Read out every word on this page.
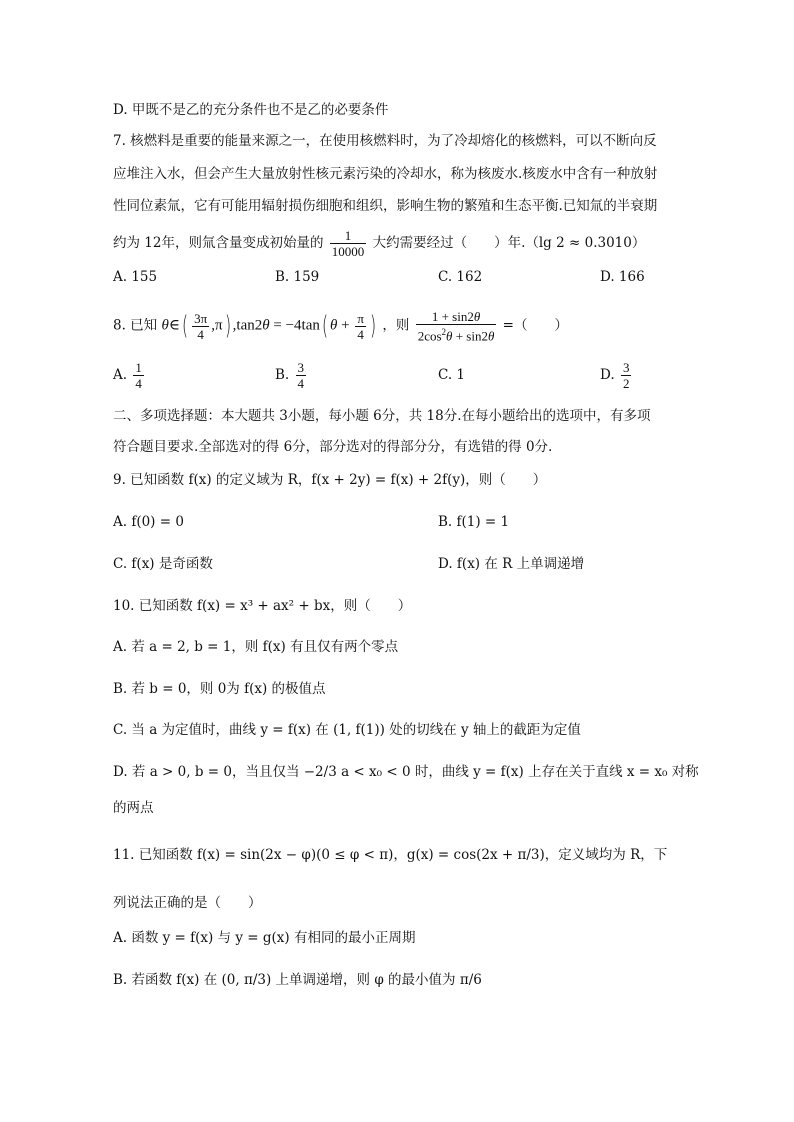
D. 甲既不是乙的充分条件也不是乙的必要条件
7. 核燃料是重要的能量来源之一，在使用核燃料时，为了冷却熔化的核燃料，可以不断向反
应堆注入水，但会产生大量放射性核元素污染的冷却水，称为核废水.核废水中含有一种放射
性同位素氚，它有可能用辐射损伤细胞和组织，影响生物的繁殖和生态平衡.已知氚的半衰期
约为 12年，则氚含量变成初始量的 $\frac{1}{10000}$ 大约需要经过（　　）年.（lg 2 ≈ 0.3010）
A. 155	B. 159	C. 162	D. 166
8. 已知 θ∈( $\frac{3\pi}{4} ,\pi$) ,tan2θ = −4tan( $\theta + \frac{\pi}{4}$ ) ，则 $\frac{1 + \sin 2\theta}{2\cos^2\theta + \sin 2\theta}$ =（　　）
A. $\frac{1}{4}$	B. $\frac{3}{4}$	C. 1	D. $\frac{3}{2}$
二、多项选择题：本大题共 3小题，每小题 6分，共 18分.在每小题给出的选项中，有多项
符合题目要求.全部选对的得 6分，部分选对的得部分分，有选错的得 0分.
9. 已知函数 f(x) 的定义域为 R，f(x + 2y) = f(x) + 2f(y)，则（　　）
A. f(0) = 0	B. f(1) = 1
C. f(x) 是奇函数	D. f(x) 在 R 上单调递增
10. 已知函数 f(x) = x³ + ax² + bx，则（　　）
A. 若 a = 2, b = 1，则 f(x) 有且仅有两个零点
B. 若 b = 0，则 0为 f(x) 的极值点
C. 当 a 为定值时，曲线 y = f(x) 在 (1, f(1)) 处的切线在 y 轴上的截距为定值
D. 若 a > 0, b = 0，当且仅当 −2/3 a < x₀ < 0 时，曲线 y = f(x) 上存在关于直线 x = x₀ 对称
的两点
11. 已知函数 f(x) = sin(2x − φ)(0 ≤ φ < π)，g(x) = cos(2x + π/3)，定义域均为 R，下
列说法正确的是（　　）
A. 函数 y = f(x) 与 y = g(x) 有相同的最小正周期
B. 若函数 f(x) 在 (0, π/3) 上单调递增，则 φ 的最小值为 π/6
